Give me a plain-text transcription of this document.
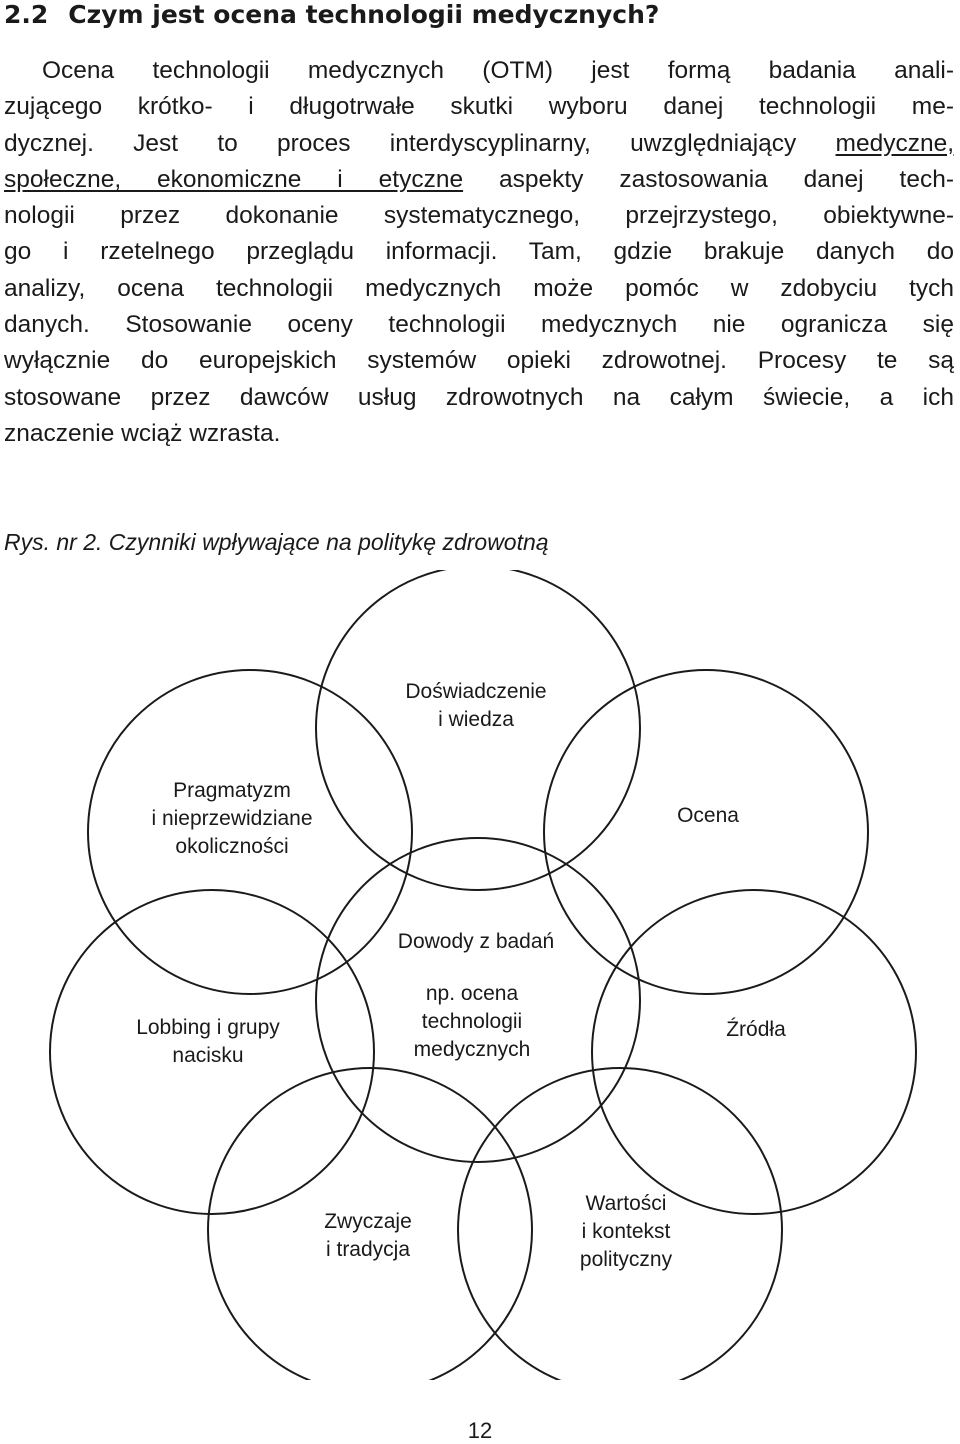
2.2 Czym jest ocena technologii medycznych?
Ocena technologii medycznych (OTM) jest formą badania anali-
zującego krótko- i długotrwałe skutki wyboru danej technologii me-
dycznej. Jest to proces interdyscyplinarny, uwzględniający medyczne,
społeczne, ekonomiczne i etyczne aspekty zastosowania danej tech-
nologii przez dokonanie systematycznego, przejrzystego, obiektywne-
go i rzetelnego przeglądu informacji. Tam, gdzie brakuje danych do
analizy, ocena technologii medycznych może pomóc w zdobyciu tych
danych. Stosowanie oceny technologii medycznych nie ogranicza się
wyłącznie do europejskich systemów opieki zdrowotnej. Procesy te są
stosowane przez dawców usług zdrowotnych na całym świecie, a ich
znaczenie wciąż wzrasta.

Rys. nr 2. Czynniki wpływające na politykę zdrowotną

Doświadczenie i wiedza
Ocena
Źródła
Wartości i kontekst polityczny
Zwyczaje i tradycja
Lobbing i grupy nacisku
Pragmatyzm i nieprzewidziane okoliczności
Dowody z badań
np. ocena technologii medycznych
12
